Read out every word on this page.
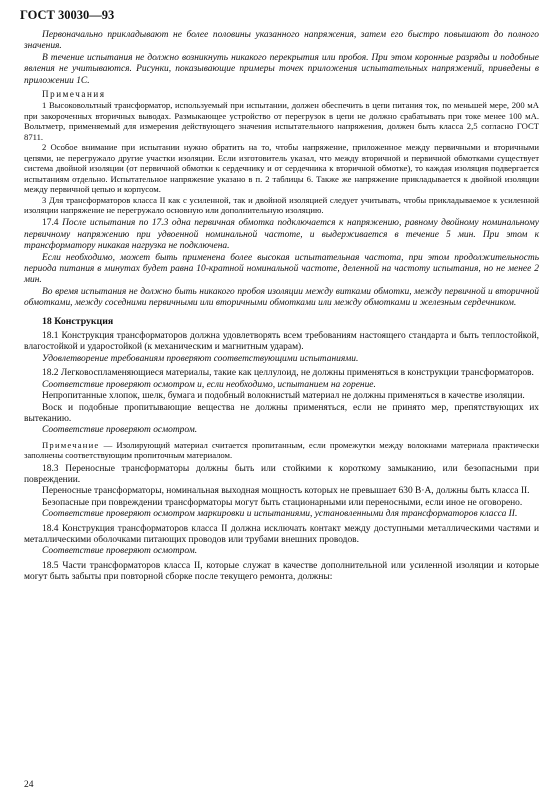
ГОСТ 30030—93

Первоначально прикладывают не более половины указанного напряжения, затем его быстро повышают до полного значения.

В течение испытания не должно возникнуть никакого перекрытия или пробоя. При этом коронные разряды и подобные явления не учитываются. Рисунки, показывающие примеры точек приложения испытательных напряжений, приведены в приложении 1С.

Примечания

1 Высоковольтный трансформатор, используемый при испытании, должен обеспечить в цепи питания ток, по меньшей мере, 200 мА при закороченных вторичных выводах. Размыкающее устройство от перегрузок в цепи не должно срабатывать при токе менее 100 мА. Вольтметр, применяемый для измерения действующего значения испытательного напряжения, должен быть класса 2,5 согласно ГОСТ 8711.

2 Особое внимание при испытании нужно обратить на то, чтобы напряжение, приложенное между первичными и вторичными цепями, не перегружало другие участки изоляции. Если изготовитель указал, что между вторичной и первичной обмотками существует система двойной изоляции (от первичной обмотки к сердечнику и от сердечника к вторичной обмотке), то каждая изоляция подвергается испытаниям отдельно. Испытательное напряжение указано в п. 2 таблицы 6. Также же напряжение прикладывается к двойной изоляции между первичной цепью и корпусом.

3 Для трансформаторов класса II как с усиленной, так и двойной изоляцией следует учитывать, чтобы прикладываемое к усиленной изоляции напряжение не перегружало основную или дополнительную изоляцию.

17.4 После испытания по 17.3 одна первичная обмотка подключается к напряжению, равному двойному номинальному первичному напряжению при удвоенной номинальной частоте, и выдерживается в течение 5 мин. При этом к трансформатору никакая нагрузка не подключена.

Если необходимо, может быть применена более высокая испытательная частота, при этом продолжительность периода питания в минутах будет равна 10-кратной номинальной частоте, деленной на частоту испытания, но не менее 2 мин.

Во время испытания не должно быть никакого пробоя изоляции между витками обмотки, между первичной и вторичной обмотками, между соседними первичными или вторичными обмотками или между обмотками и железным сердечником.

18 Конструкция

18.1 Конструкция трансформаторов должна удовлетворять всем требованиям настоящего стандарта и быть теплостойкой, влагостойкой и ударостойкой (к механическим и магнитным ударам).

Удовлетворение требованиям проверяют соответствующими испытаниями.

18.2 Легковоспламеняющиеся материалы, такие как целлулоид, не должны применяться в конструкции трансформаторов.

Соответствие проверяют осмотром и, если необходимо, испытанием на горение.

Непропитанные хлопок, шелк, бумага и подобный волокнистый материал не должны применяться в качестве изоляции.

Воск и подобные пропитывающие вещества не должны применяться, если не принято мер, препятствующих их вытеканию.

Соответствие проверяют осмотром.

Примечание — Изолирующий материал считается пропитанным, если промежутки между волокнами материала практически заполнены соответствующим пропиточным материалом.

18.3 Переносные трансформаторы должны быть или стойкими к короткому замыканию, или безопасными при повреждении.

Переносные трансформаторы, номинальная выходная мощность которых не превышает 630 В·А, должны быть класса II.

Безопасные при повреждении трансформаторы могут быть стационарными или переносными, если иное не оговорено.

Соответствие проверяют осмотром маркировки и испытаниями, установленными для трансформаторов класса II.

18.4 Конструкция трансформаторов класса II должна исключать контакт между доступными металлическими частями и металлическими оболочками питающих проводов или трубами внешних проводов.

Соответствие проверяют осмотром.

18.5 Части трансформаторов класса II, которые служат в качестве дополнительной или усиленной изоляции и которые могут быть забыты при повторной сборке после текущего ремонта, должны:

24
